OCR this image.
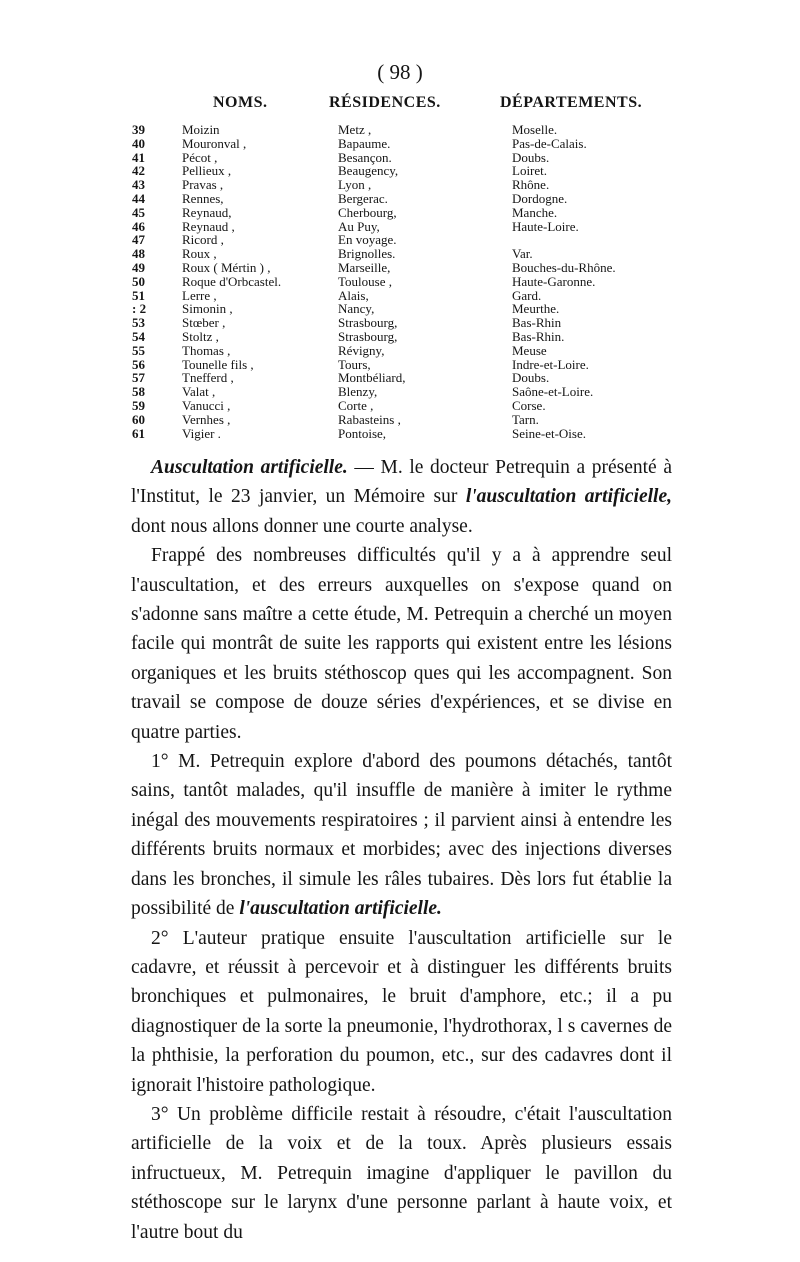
( 98 )
NOMS.	RÉSIDENCES.	DÉPARTEMENTS.
39	Moizin	Metz ,	Moselle.
40	Mouronval ,	Bapaume.	Pas-de-Calais.
41	Pécot ,	Besançon.	Doubs.
42	Pellieux ,	Beaugency,	Loiret.
43	Pravas ,	Lyon ,	Rhône.
44	Rennes,	Bergerac.	Dordogne.
45	Reynaud,	Cherbourg,	Manche.
46	Reynaud ,	Au Puy,	Haute-Loire.
47	Ricord ,	En voyage.
48	Roux ,	Brignolles.	Var.
49	Roux ( Mértin ) ,	Marseille,	Bouches-du-Rhône.
50	Roque d'Orbcastel.	Toulouse ,	Haute-Garonne.
51	Lerre ,	Alais,	Gard.
: 2	Simonin ,	Nancy,	Meurthe.
53	Stœber ,	Strasbourg,	Bas-Rhin
54	Stoltz ,	Strasbourg,	Bas-Rhin.
55	Thomas ,	Révigny,	Meuse
56	Tounelle fils ,	Tours,	Indre-et-Loire.
57	Tnefferd ,	Montbéliard,	Doubs.
58	Valat ,	Blenzy,	Saône-et-Loire.
59	Vanucci ,	Corte ,	Corse.
60	Vernhes ,	Rabasteins ,	Tarn.
61	Vigier .	Pontoise,	Seine-et-Oise.

Auscultation artificielle. — M. le docteur Petrequin a présenté à l'Institut, le 23 janvier, un Mémoire sur l'auscultation artificielle, dont nous allons donner une courte analyse.

Frappé des nombreuses difficultés qu'il y a à apprendre seul l'auscultation, et des erreurs auxquelles on s'expose quand on s'adonne sans maître a cette étude, M. Petrequin a cherché un moyen facile qui montrât de suite les rapports qui existent entre les lésions organiques et les bruits stéthoscop ques qui les accompagnent. Son travail se compose de douze séries d'expériences, et se divise en quatre parties.

1° M. Petrequin explore d'abord des poumons détachés, tantôt sains, tantôt malades, qu'il insuffle de manière à imiter le rythme inégal des mouvements respiratoires ; il parvient ainsi à entendre les différents bruits normaux et morbides; avec des injections diverses dans les bronches, il simule les râles tubaires. Dès lors fut établie la possibilité de l'auscultation artificielle.

2° L'auteur pratique ensuite l'auscultation artificielle sur le cadavre, et réussit à percevoir et à distinguer les différents bruits bronchiques et pulmonaires, le bruit d'amphore, etc.; il a pu diagnostiquer de la sorte la pneumonie, l'hydrothorax, l s cavernes de la phthisie, la perforation du poumon, etc., sur des cadavres dont il ignorait l'histoire pathologique.

3° Un problème difficile restait à résoudre, c'était l'auscultation artificielle de la voix et de la toux. Après plusieurs essais infructueux, M. Petrequin imagine d'appliquer le pavillon du stéthoscope sur le larynx d'une personne parlant à haute voix, et l'autre bout du
